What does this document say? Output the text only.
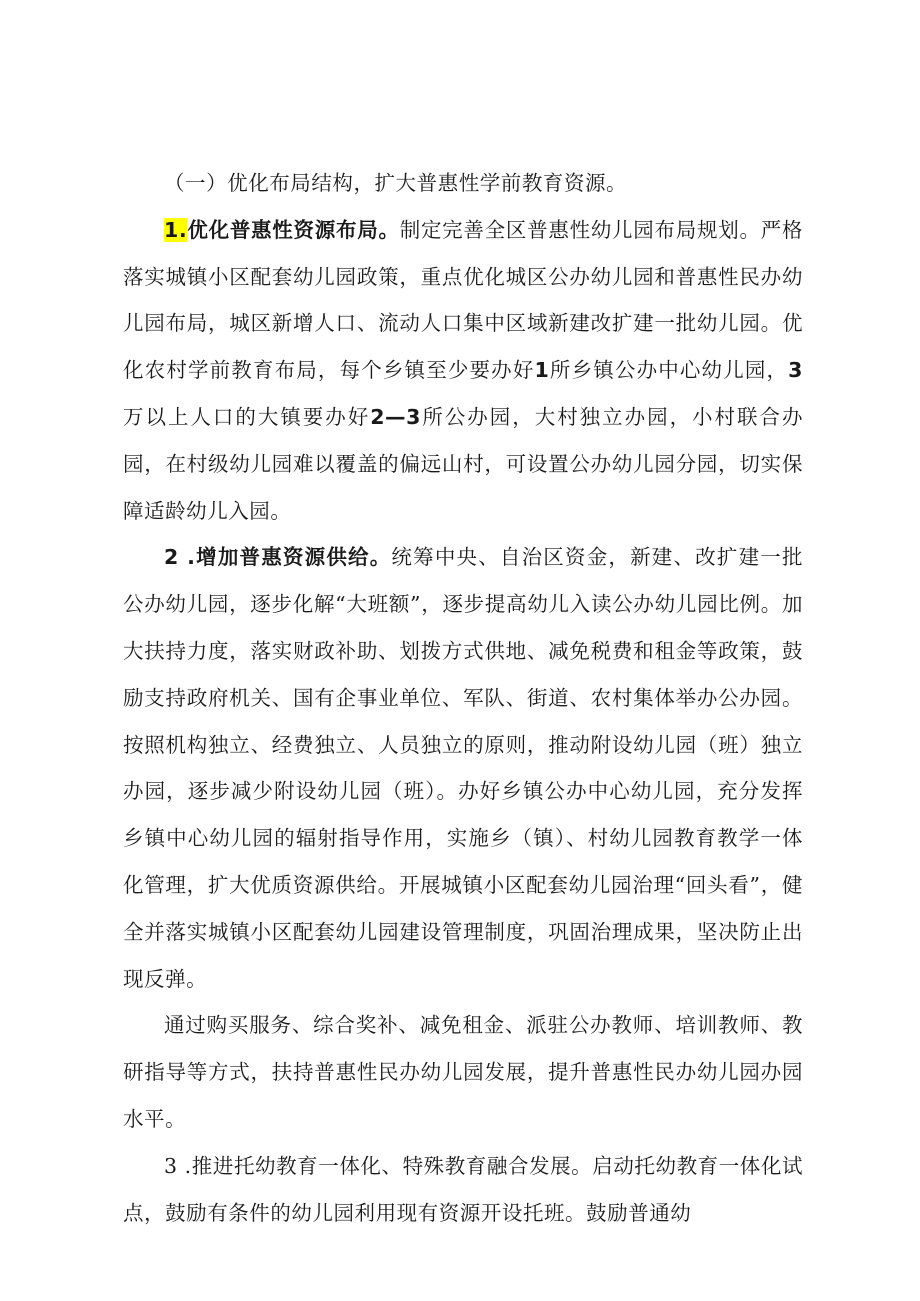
（一）优化布局结构，扩大普惠性学前教育资源。

1.优化普惠性资源布局。制定完善全区普惠性幼儿园布局规划。严格落实城镇小区配套幼儿园政策，重点优化城区公办幼儿园和普惠性民办幼儿园布局，城区新增人口、流动人口集中区域新建改扩建一批幼儿园。优化农村学前教育布局，每个乡镇至少要办好1所乡镇公办中心幼儿园，3万以上人口的大镇要办好2—3所公办园，大村独立办园，小村联合办园，在村级幼儿园难以覆盖的偏远山村，可设置公办幼儿园分园，切实保障适龄幼儿入园。

2 .增加普惠资源供给。统筹中央、自治区资金，新建、改扩建一批公办幼儿园，逐步化解“大班额”，逐步提高幼儿入读公办幼儿园比例。加大扶持力度，落实财政补助、划拨方式供地、减免税费和租金等政策，鼓励支持政府机关、国有企事业单位、军队、街道、农村集体举办公办园。按照机构独立、经费独立、人员独立的原则，推动附设幼儿园（班）独立办园，逐步减少附设幼儿园（班）。办好乡镇公办中心幼儿园，充分发挥乡镇中心幼儿园的辐射指导作用，实施乡（镇）、村幼儿园教育教学一体化管理，扩大优质资源供给。开展城镇小区配套幼儿园治理“回头看”，健全并落实城镇小区配套幼儿园建设管理制度，巩固治理成果，坚决防止出现反弹。

通过购买服务、综合奖补、减免租金、派驻公办教师、培训教师、教研指导等方式，扶持普惠性民办幼儿园发展，提升普惠性民办幼儿园办园水平。

3 .推进托幼教育一体化、特殊教育融合发展。启动托幼教育一体化试点，鼓励有条件的幼儿园利用现有资源开设托班。鼓励普通幼
